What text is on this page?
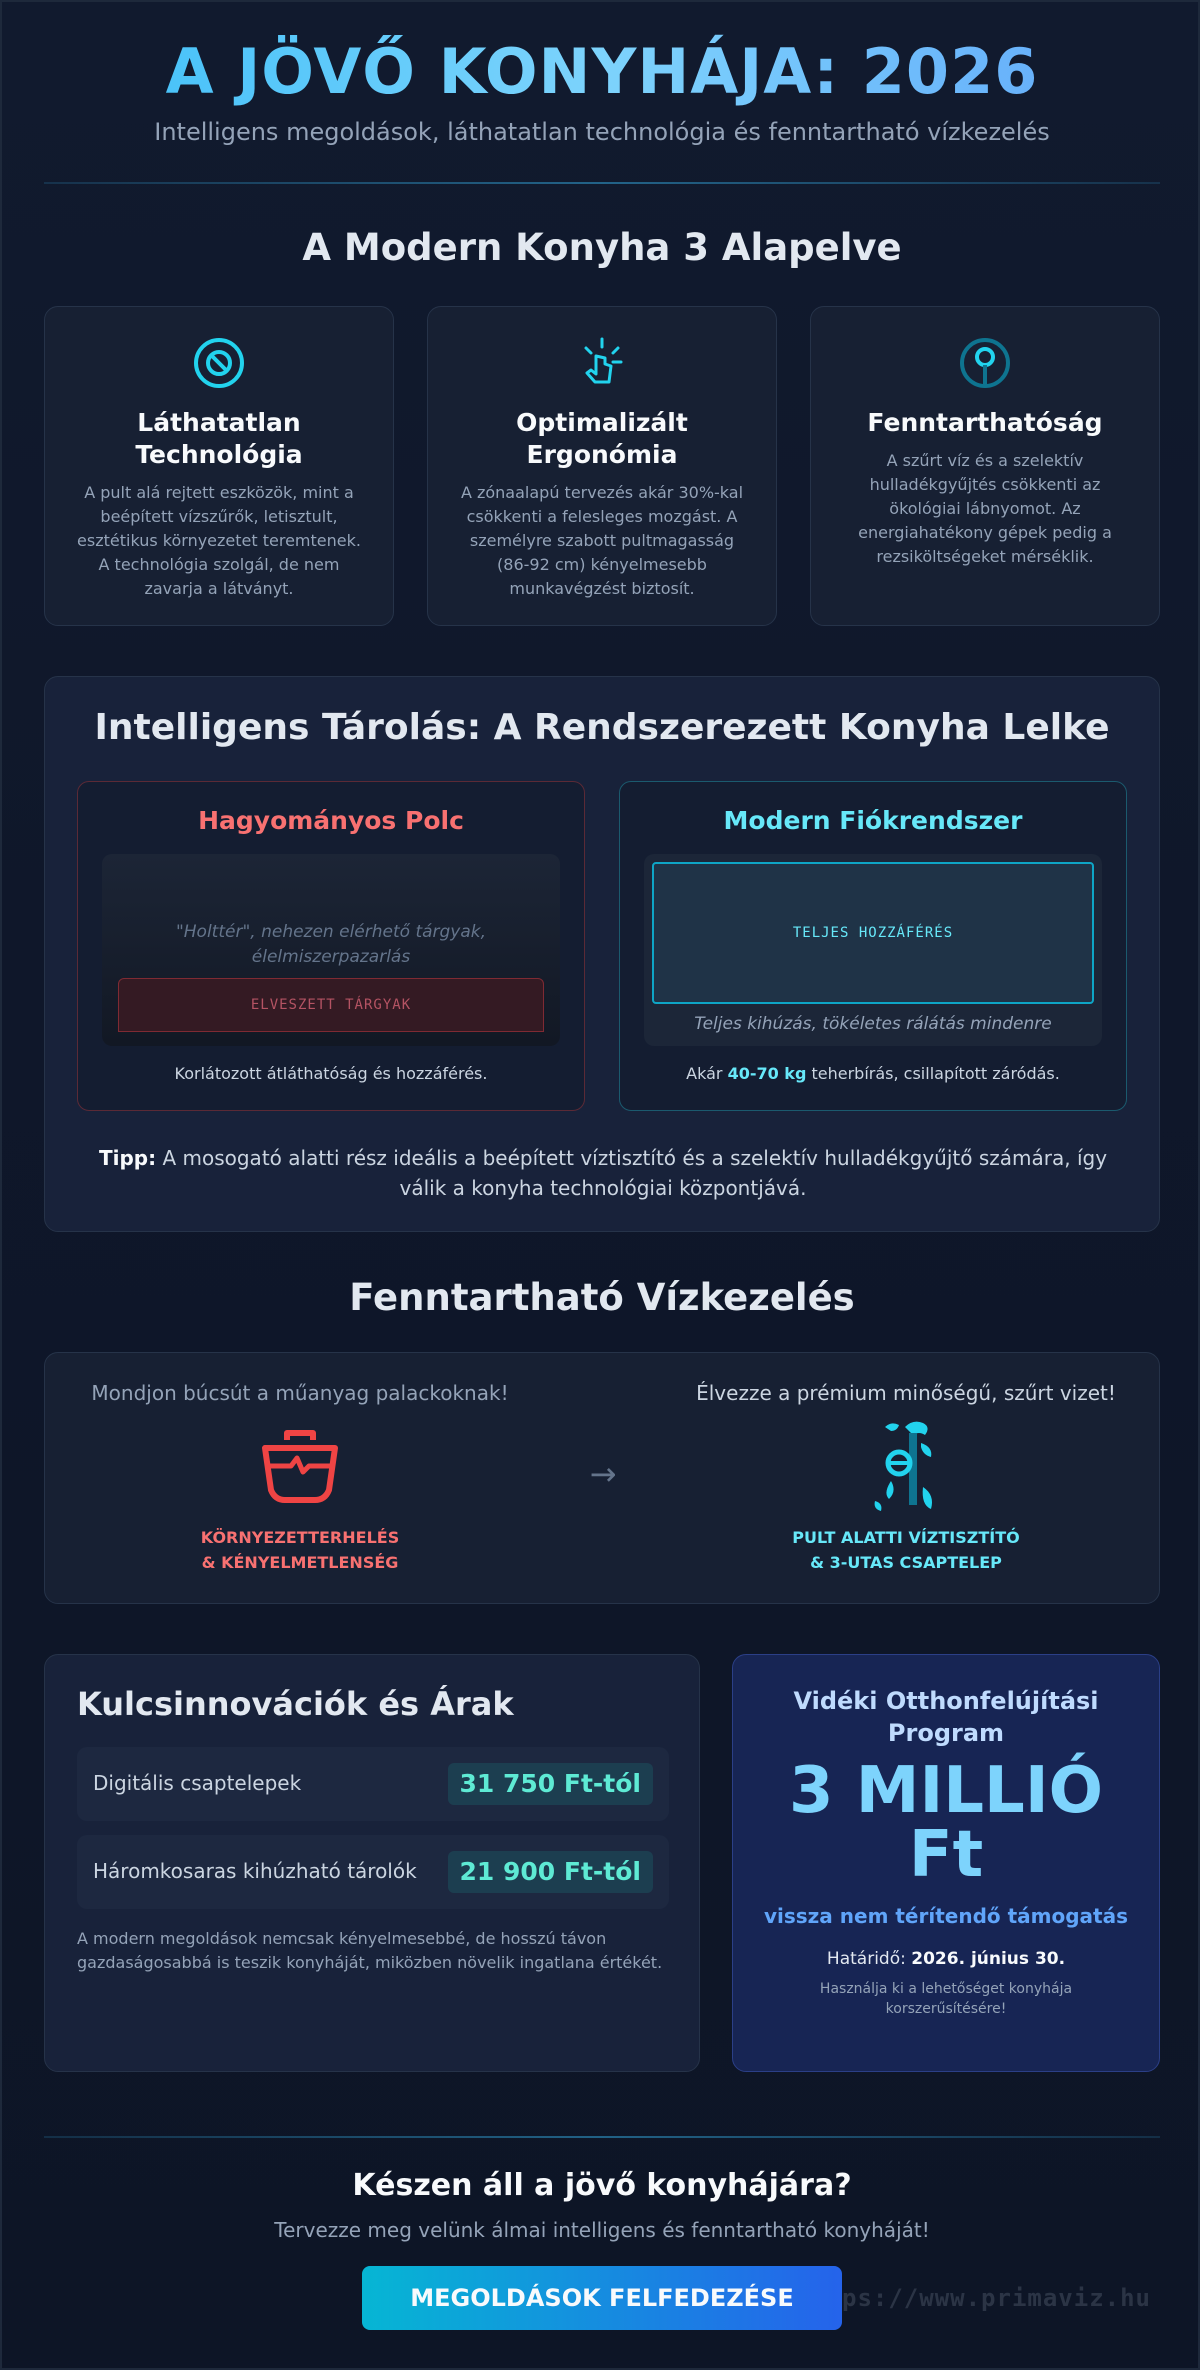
A JÖVŐ KONYHÁJA: 2026
Intelligens megoldások, láthatatlan technológia és fenntartható vízkezelés
A Modern Konyha 3 Alapelve
Láthatatlan Technológia

A pult alá rejtett eszközök, mint a beépített vízszűrők, letisztult, esztétikus környezetet teremtenek. A technológia szolgál, de nem zavarja a látványt.

Optimalizált Ergonómia

A zónaalapú tervezés akár 30%-kal csökkenti a felesleges mozgást. A személyre szabott pultmagasság (86-92 cm) kényelmesebb munkavégzést biztosít.

Fenntarthatóság

A szűrt víz és a szelektív hulladékgyűjtés csökkenti az ökológiai lábnyomot. Az energiahatékony gépek pedig a rezsiköltségeket mérséklik.

Intelligens Tárolás: A Rendszerezett Konyha Lelke
Hagyományos Polc
"Holttér", nehezen elérhető tárgyak, élelmiszerpazarlás
ELVESZETT TÁRGYAK
Korlátozott átláthatóság és hozzáférés.
Modern Fiókrendszer
TELJES HOZZÁFÉRÉS
Teljes kihúzás, tökéletes rálátás mindenre
Akár 40-70 kg teherbírás, csillapított záródás.
Tipp: A mosogató alatti rész ideális a beépített víztisztító és a szelektív hulladékgyűjtő számára, így válik a konyha technológiai központjává.
Fenntartható Vízkezelés
Mondjon búcsút a műanyag palackoknak!
KÖRNYEZETTERHELÉS
& KÉNYELMETLENSÉG
→
Élvezze a prémium minőségű, szűrt vizet!
PULT ALATTI VÍZTISZTÍTÓ
& 3-UTAS CSAPTELEP
Kulcsinnovációk és Árak
Digitális csaptelepek	31 750 Ft-tól
Háromkosaras kihúzható tárolók	21 900 Ft-tól
A modern megoldások nemcsak kényelmesebbé, de hosszú távon gazdaságosabbá is teszik konyháját, miközben növelik ingatlana értékét.
Vidéki Otthonfelújítási Program
3 MILLIÓ
Ft
vissza nem térítendő támogatás
Határidő: 2026. június 30.
Használja ki a lehetőséget konyhája korszerűsítésére!
Készen áll a jövő konyhájára?
Tervezze meg velünk álmai intelligens és fenntartható konyháját!
ps://www.primaviz.hu
MEGOLDÁSOK FELFEDEZÉSE
